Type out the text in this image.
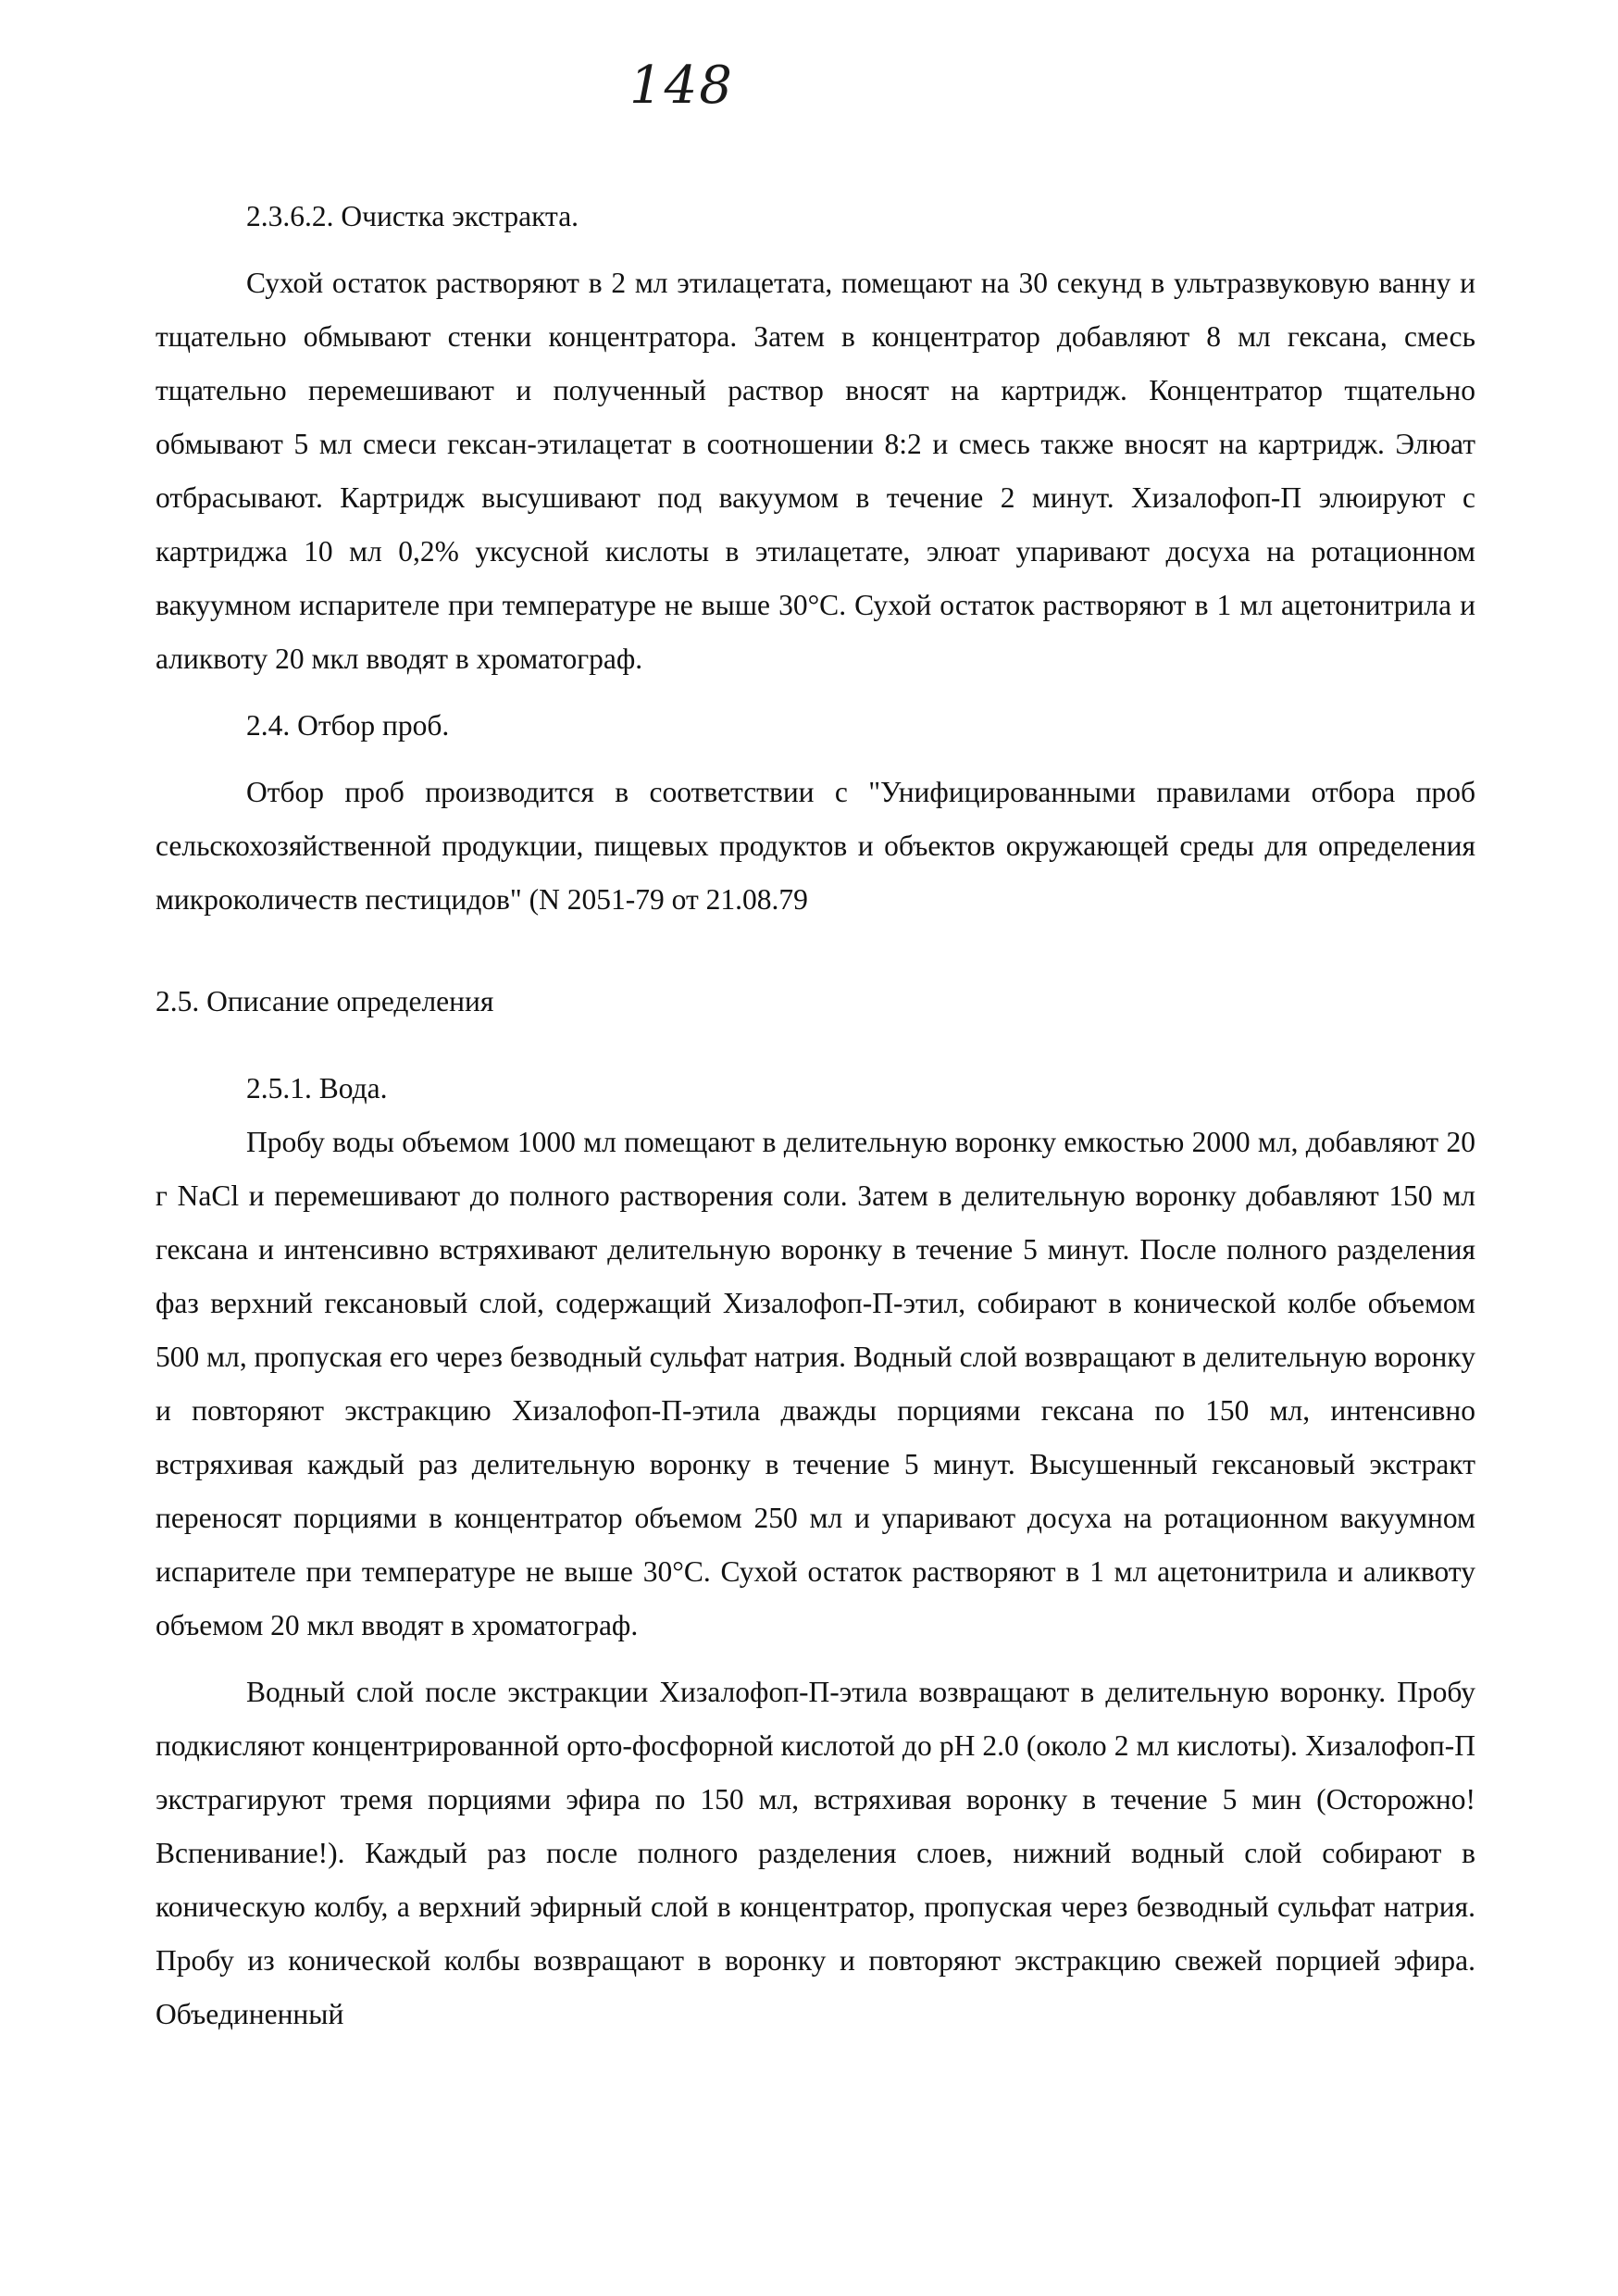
148

2.3.6.2. Очистка экстракта.

Сухой остаток растворяют в 2 мл этилацетата, помещают на 30 секунд в ультразвуковую ванну и тщательно обмывают стенки концентратора. Затем в концентратор добавляют 8 мл гексана, смесь тщательно перемешивают и полученный раствор вносят на картридж. Концентратор тщательно обмывают 5 мл смеси гексан-этилацетат в соотношении 8:2 и смесь также вносят на картридж. Элюат отбрасывают. Картридж высушивают под вакуумом в течение 2 минут. Хизалофоп-П элюируют с картриджа 10 мл 0,2% уксусной кислоты в этилацетате, элюат упаривают досуха на ротационном вакуумном испарителе при температуре не выше 30°С. Сухой остаток растворяют в 1 мл ацетонитрила и аликвоту 20 мкл вводят в хроматограф.

2.4. Отбор проб.

Отбор проб производится в соответствии с "Унифицированными правилами отбора проб сельскохозяйственной продукции, пищевых продуктов и объектов окружающей среды для определения микроколичеств пестицидов" (N 2051-79 от 21.08.79

2.5. Описание определения

2.5.1. Вода.

Пробу воды объемом 1000 мл помещают в делительную воронку емкостью 2000 мл, добавляют 20 г NaCl и перемешивают до полного растворения соли. Затем в делительную воронку добавляют 150 мл гексана и интенсивно встряхивают делительную воронку в течение 5 минут. После полного разделения фаз верхний гексановый слой, содержащий Хизалофоп-П-этил, собирают в конической колбе объемом 500 мл, пропуская его через безводный сульфат натрия. Водный слой возвращают в делительную воронку и повторяют экстракцию Хизалофоп-П-этила дважды порциями гексана по 150 мл, интенсивно встряхивая каждый раз делительную воронку в течение 5 минут. Высушенный гексановый экстракт переносят порциями в концентратор объемом 250 мл и упаривают досуха на ротационном вакуумном испарителе при температуре не выше 30°С. Сухой остаток растворяют в 1 мл ацетонитрила и аликвоту объемом 20 мкл вводят в хроматограф.

Водный слой после экстракции Хизалофоп-П-этила возвращают в делительную воронку. Пробу подкисляют концентрированной орто-фосфорной кислотой до рН 2.0 (около 2 мл кислоты). Хизалофоп-П экстрагируют тремя порциями эфира по 150 мл, встряхивая воронку в течение 5 мин (Осторожно! Вспенивание!). Каждый раз после полного разделения слоев, нижний водный слой собирают в коническую колбу, а верхний эфирный слой в концентратор, пропуская через безводный сульфат натрия. Пробу из конической колбы возвращают в воронку и повторяют экстракцию свежей порцией эфира. Объединенный
